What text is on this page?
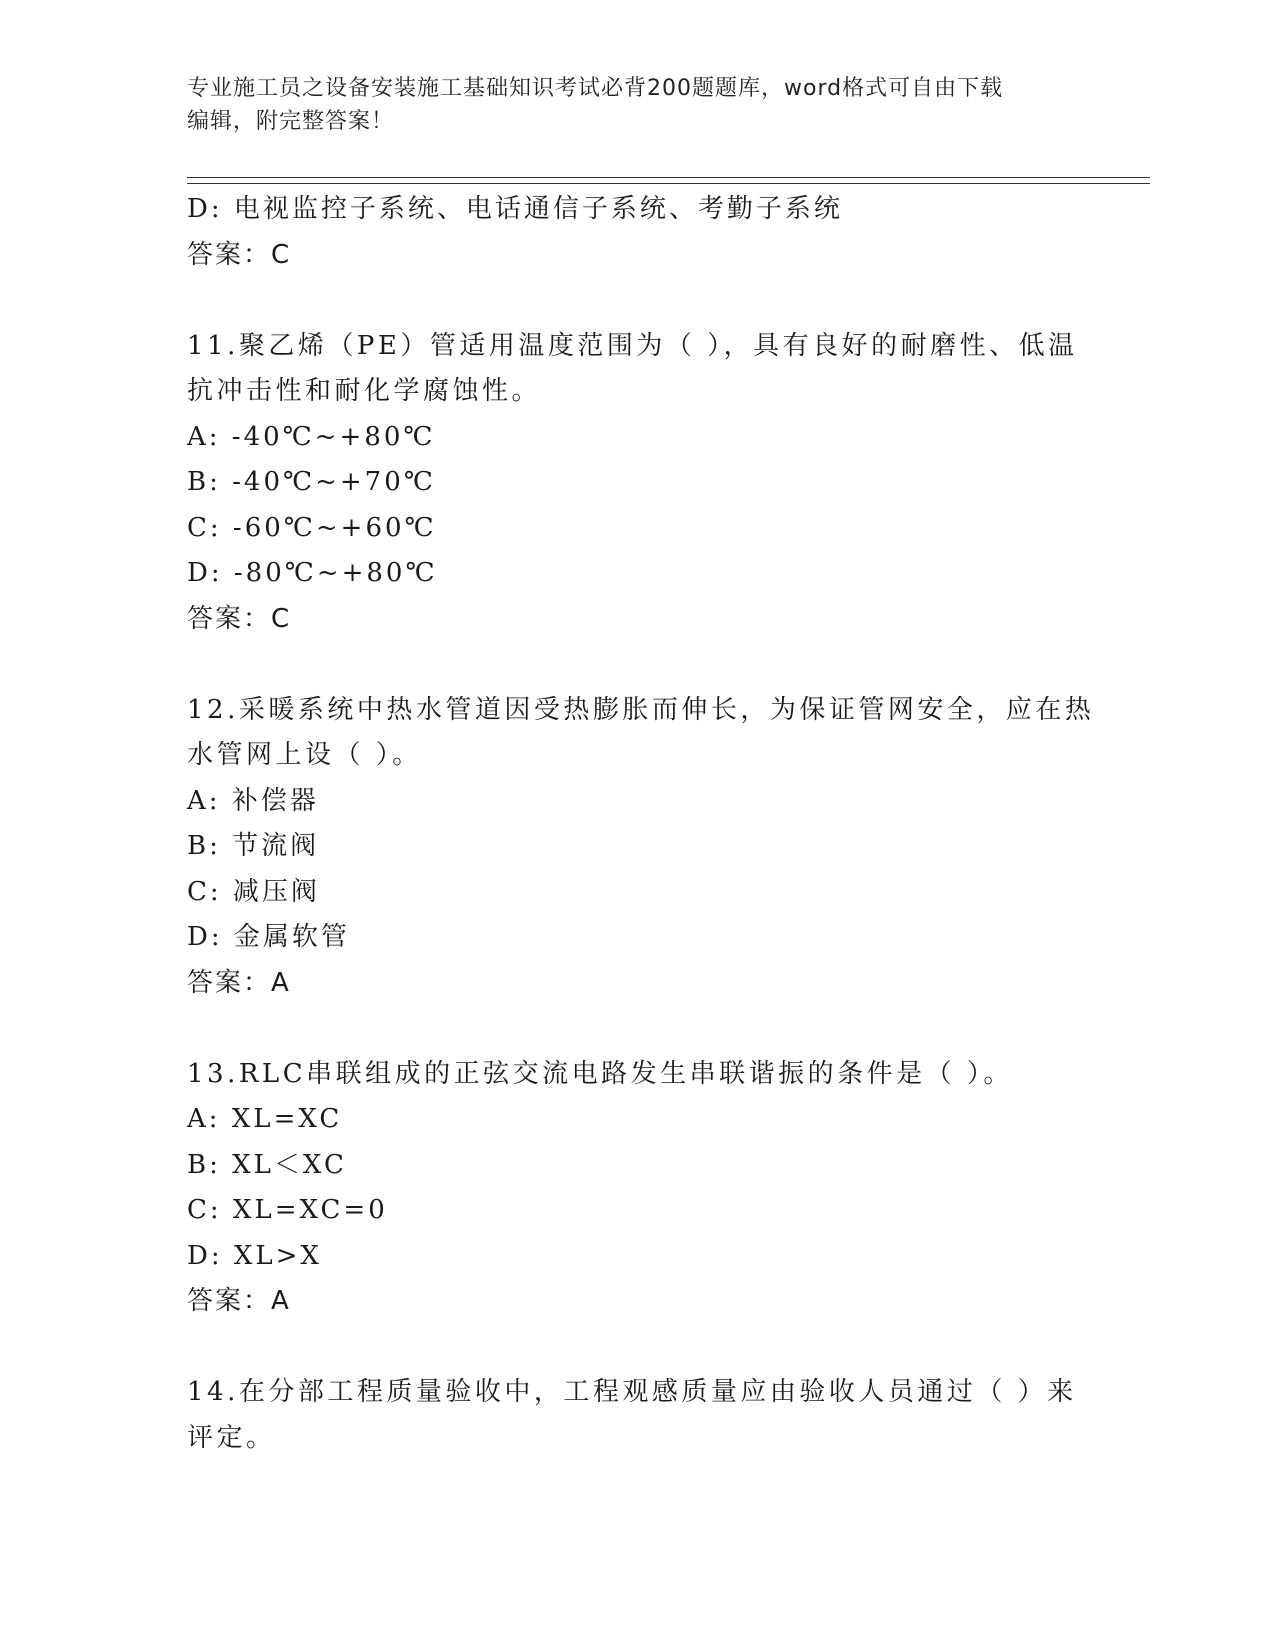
专业施工员之设备安装施工基础知识考试必背200题题库，word格式可自由下载
编辑，附完整答案！
D: 电视监控子系统、电话通信子系统、考勤子系统
答案：C
11.聚乙烯（PE）管适用温度范围为（ ），具有良好的耐磨性、低温
抗冲击性和耐化学腐蚀性。
A: -40℃~+80℃
B: -40℃~+70℃
C: -60℃~+60℃
D: -80℃~+80℃
答案：C
12.采暖系统中热水管道因受热膨胀而伸长，为保证管网安全，应在热
水管网上设（ ）。
A: 补偿器
B: 节流阀
C: 减压阀
D: 金属软管
答案：A
13.RLC串联组成的正弦交流电路发生串联谐振的条件是（ ）。
A: XL=XC
B: XL＜XC
C: XL=XC=0
D: XL>X
答案：A
14.在分部工程质量验收中，工程观感质量应由验收人员通过（ ）来
评定。
